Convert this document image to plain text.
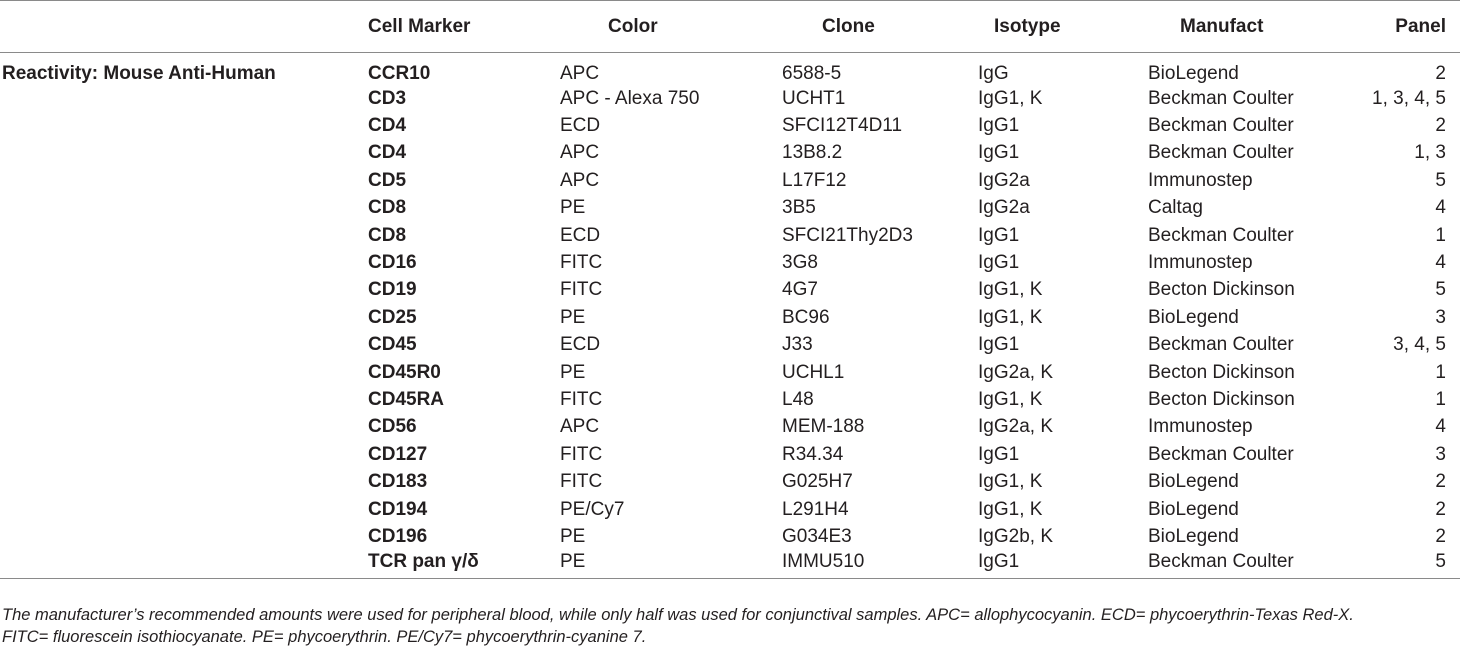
	Cell Marker	Color	Clone	Isotype	Manufact	Panel
Reactivity: Mouse Anti-Human	CCR10	APC	6588-5	IgG	BioLegend	2
	CD3	APC - Alexa 750	UCHT1	IgG1, K	Beckman Coulter	1, 3, 4, 5
	CD4	ECD	SFCI12T4D11	IgG1	Beckman Coulter	2
	CD4	APC	13B8.2	IgG1	Beckman Coulter	1, 3
	CD5	APC	L17F12	IgG2a	Immunostep	5
	CD8	PE	3B5	IgG2a	Caltag	4
	CD8	ECD	SFCI21Thy2D3	IgG1	Beckman Coulter	1
	CD16	FITC	3G8	IgG1	Immunostep	4
	CD19	FITC	4G7	IgG1, K	Becton Dickinson	5
	CD25	PE	BC96	IgG1, K	BioLegend	3
	CD45	ECD	J33	IgG1	Beckman Coulter	3, 4, 5
	CD45R0	PE	UCHL1	IgG2a, K	Becton Dickinson	1
	CD45RA	FITC	L48	IgG1, K	Becton Dickinson	1
	CD56	APC	MEM-188	IgG2a, K	Immunostep	4
	CD127	FITC	R34.34	IgG1	Beckman Coulter	3
	CD183	FITC	G025H7	IgG1, K	BioLegend	2
	CD194	PE/Cy7	L291H4	IgG1, K	BioLegend	2
	CD196	PE	G034E3	IgG2b, K	BioLegend	2
	TCR pan γ/δ	PE	IMMU510	IgG1	Beckman Coulter	5
The manufacturer’s recommended amounts were used for peripheral blood, while only half was used for conjunctival samples. APC= allophycocyanin. ECD= phycoerythrin-Texas Red-X.
FITC= fluorescein isothiocyanate. PE= phycoerythrin. PE/Cy7= phycoerythrin-cyanine 7.
